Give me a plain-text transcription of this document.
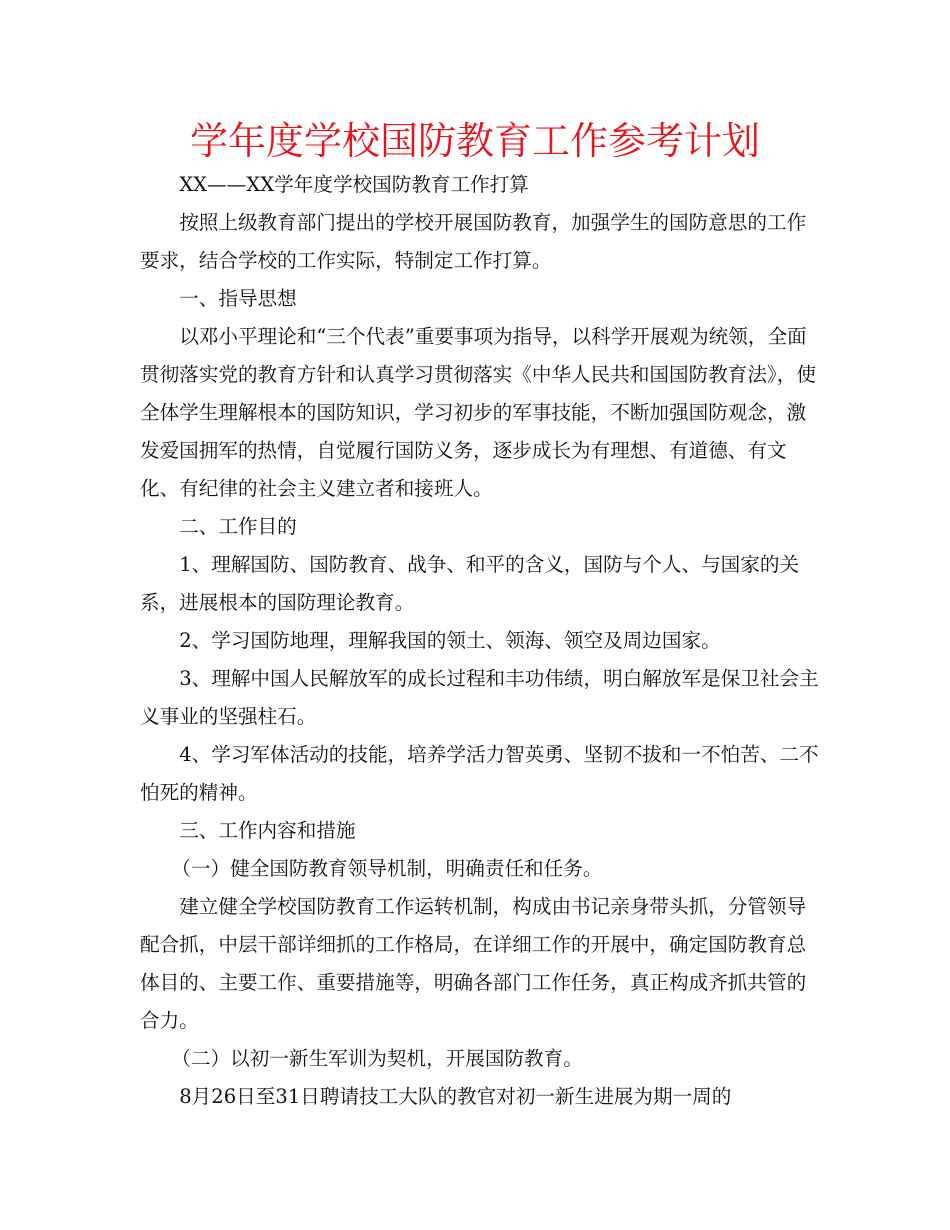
学年度学校国防教育工作参考计划

XX——XX学年度学校国防教育工作打算

按照上级教育部门提出的学校开展国防教育，加强学生的国防意思的工作要求，结合学校的工作实际，特制定工作打算。

一、指导思想

以邓小平理论和“三个代表”重要事项为指导，以科学开展观为统领，全面贯彻落实党的教育方针和认真学习贯彻落实《中华人民共和国国防教育法》，使全体学生理解根本的国防知识，学习初步的军事技能，不断加强国防观念，激发爱国拥军的热情，自觉履行国防义务，逐步成长为有理想、有道德、有文化、有纪律的社会主义建立者和接班人。

二、工作目的

1、理解国防、国防教育、战争、和平的含义，国防与个人、与国家的关系，进展根本的国防理论教育。

2、学习国防地理，理解我国的领土、领海、领空及周边国家。

3、理解中国人民解放军的成长过程和丰功伟绩，明白解放军是保卫社会主义事业的坚强柱石。

4、学习军体活动的技能，培养学活力智英勇、坚韧不拔和一不怕苦、二不怕死的精神。

三、工作内容和措施

（一）健全国防教育领导机制，明确责任和任务。

建立健全学校国防教育工作运转机制，构成由书记亲身带头抓，分管领导配合抓，中层干部详细抓的工作格局，在详细工作的开展中，确定国防教育总体目的、主要工作、重要措施等，明确各部门工作任务，真正构成齐抓共管的合力。

（二）以初一新生军训为契机，开展国防教育。

8月26日至31日聘请技工大队的教官对初一新生进展为期一周的
